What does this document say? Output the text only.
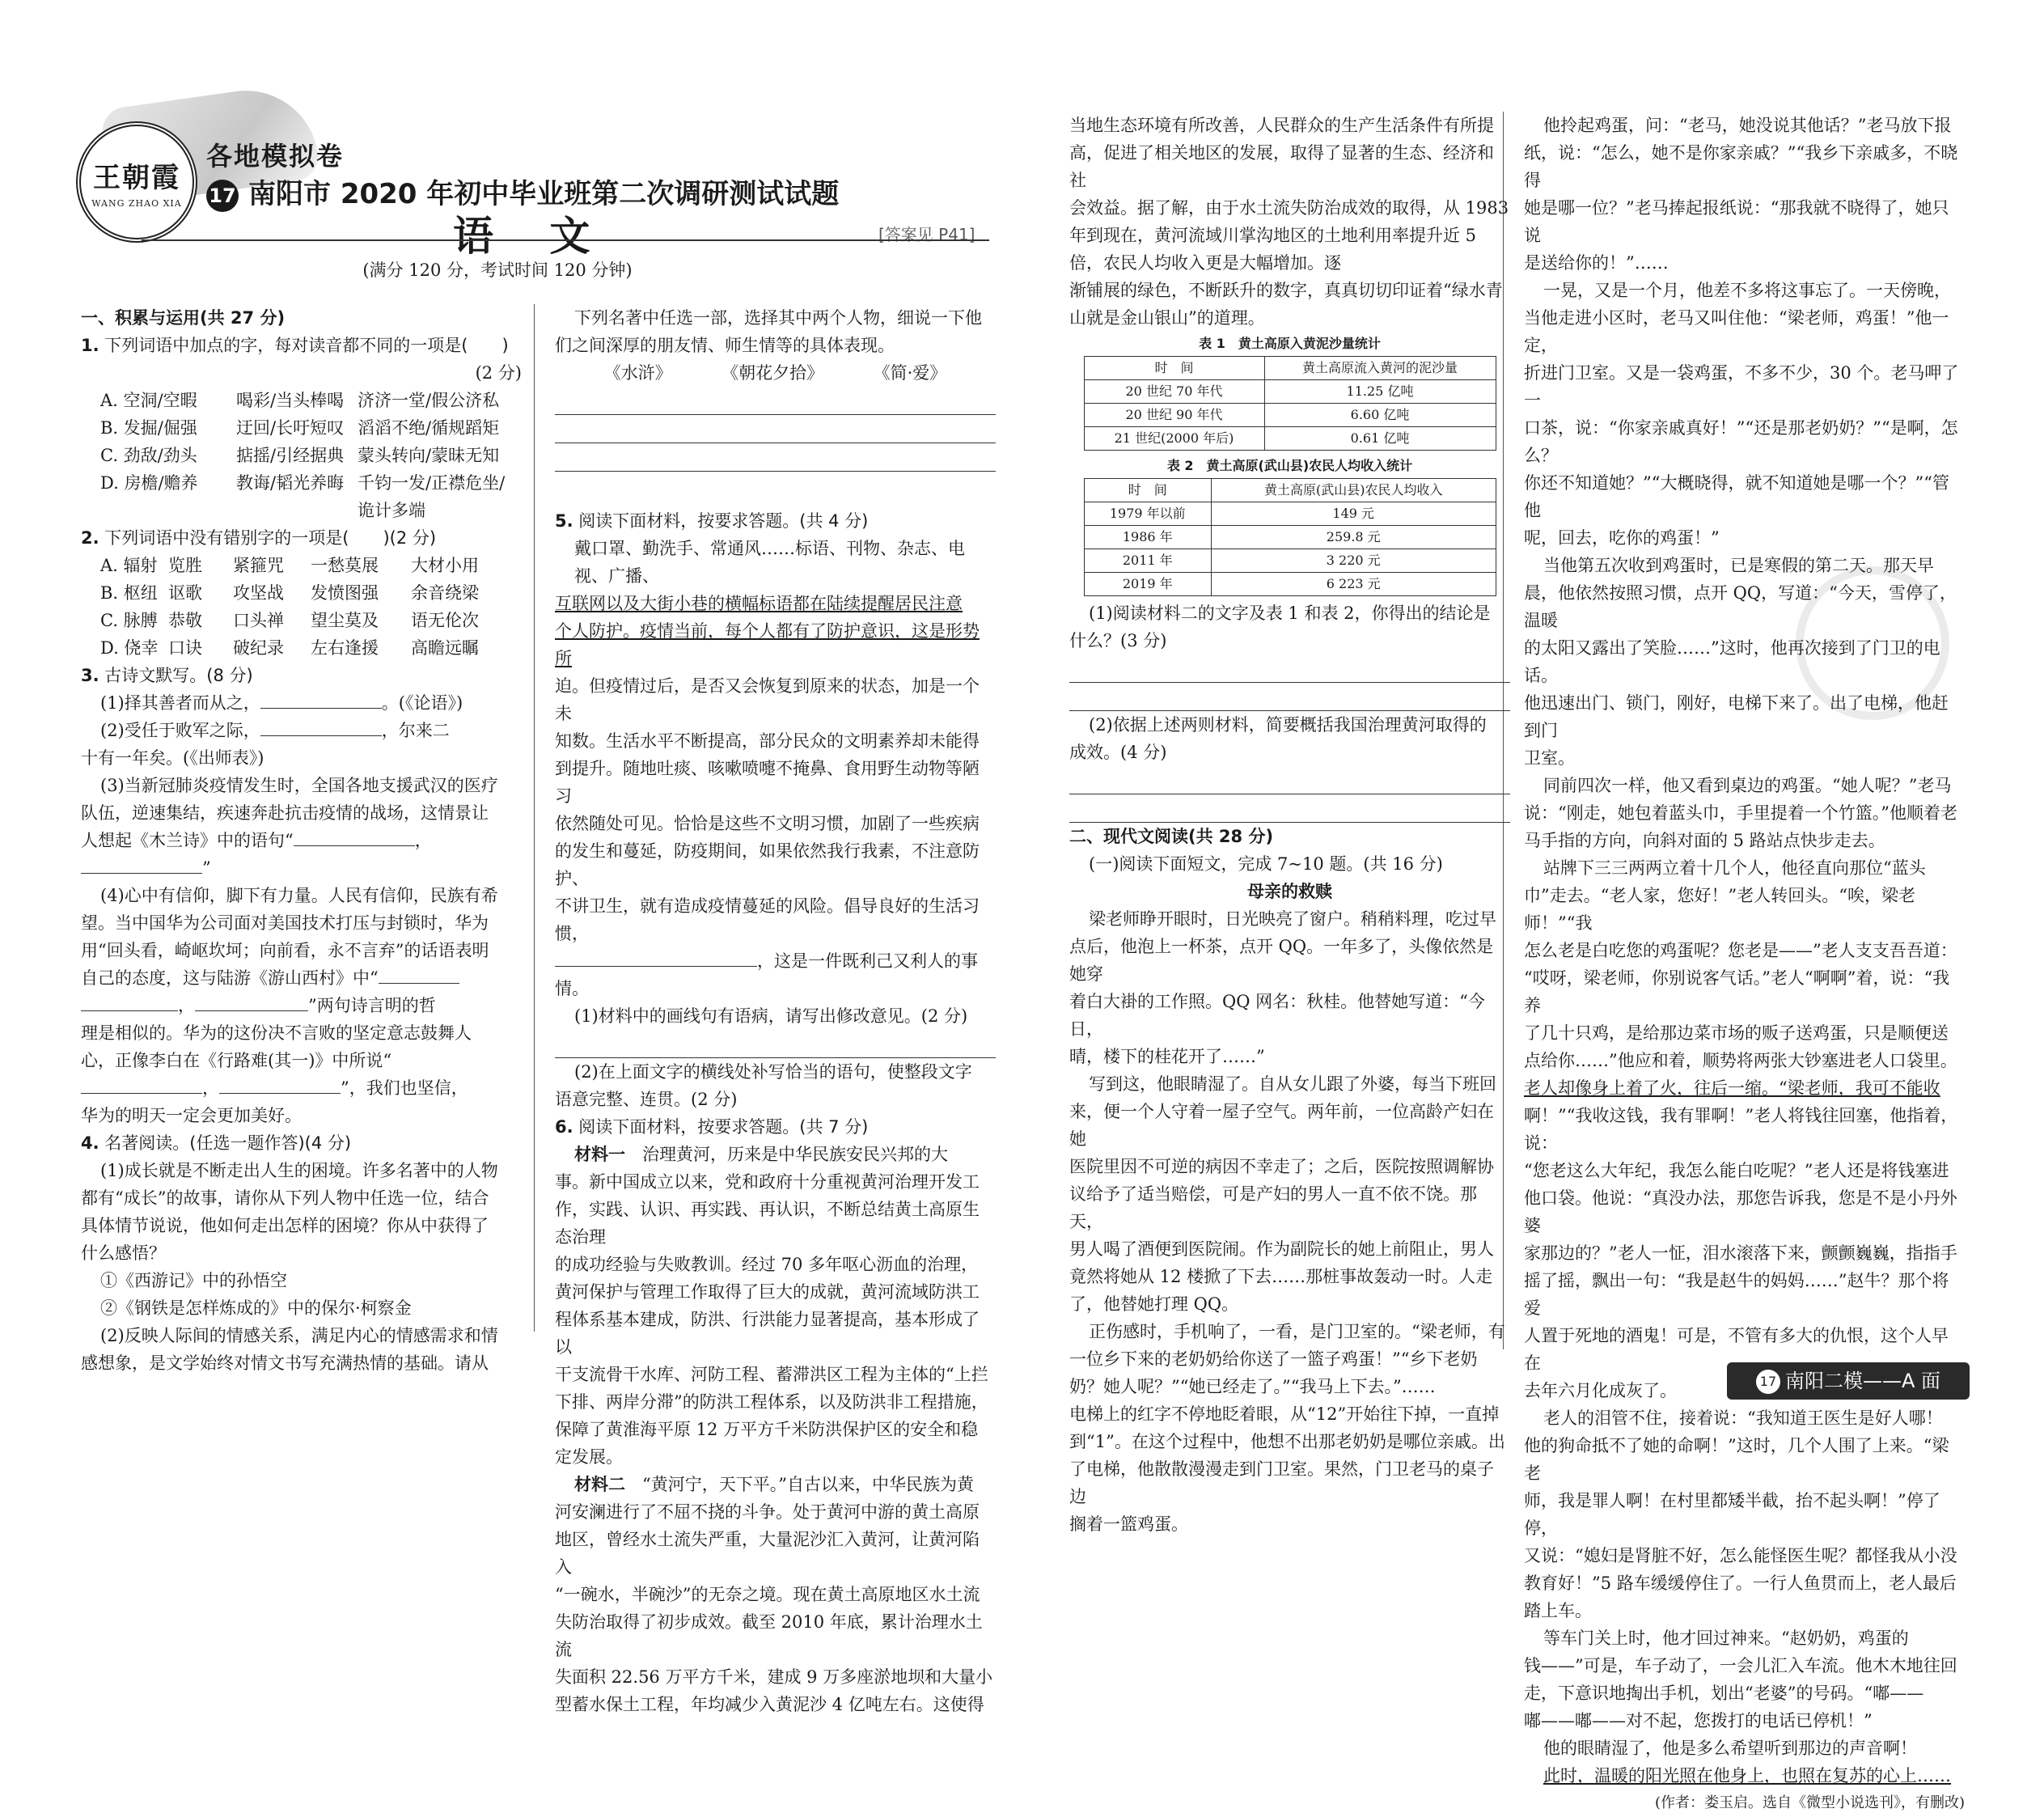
王朝霞
WANG ZHAO XIA
各地模拟卷
17 南阳市 2020 年初中毕业班第二次调研测试试题
语 文	[答案见 P41]
(满分 120 分，考试时间 120 分钟)
一、积累与运用(共 27 分)
1. 下列词语中加点的字，每对读音都不同的一项是(　　)
(2 分)
A. 空洞/空暇	喝彩/当头棒喝 济济一堂/假公济私
B. 发掘/倔强	迂回/长吁短叹 滔滔不绝/循规蹈矩
C. 劲敌/劲头	掂摇/引经据典 蒙头转向/蒙昧无知
D. 房檐/赡养	教诲/韬光养晦 千钧一发/正襟危坐/诡计多端
2. 下列词语中没有错别字的一项是(　　)(2 分)
A. 辐射 览胜	紧箍咒	一愁莫展	大材小用
B. 枢纽 讴歌	攻坚战	发愤图强	余音绕梁
C. 脉膊 恭敬	口头禅	望尘莫及	语无伦次
D. 侥幸 口诀	破纪录	左右逢援	高瞻远瞩
3. 古诗文默写。(8 分)
(1)择其善者而从之，	。(《论语》)
(2)受任于败军之际，	，尔来二
十有一年矣。(《出师表》)
(3)当新冠肺炎疫情发生时，全国各地支援武汉的医疗
队伍，逆速集结，疾速奔赴抗击疫情的战场，这情景让
人想起《木兰诗》中的语句“	，
”
(4)心中有信仰，脚下有力量。人民有信仰，民族有希
望。当中国华为公司面对美国技术打压与封锁时，华为
用“回头看，崎岖坎坷；向前看，永不言弃”的话语表明
自己的态度，这与陆游《游山西村》中“
，	”两句诗言明的哲
理是相似的。华为的这份决不言败的坚定意志鼓舞人
心，正像李白在《行路难(其一)》中所说“
，	”，我们也坚信，
华为的明天一定会更加美好。
4. 名著阅读。(任选一题作答)(4 分)
(1)成长就是不断走出人生的困境。许多名著中的人物
都有“成长”的故事，请你从下列人物中任选一位，结合
具体情节说说，他如何走出怎样的困境？你从中获得了
什么感悟？
①《西游记》中的孙悟空
②《钢铁是怎样炼成的》中的保尔·柯察金
(2)反映人际间的情感关系，满足内心的情感需求和情
感想象，是文学始终对情文书写充满热情的基础。请从
下列名著中任选一部，选择其中两个人物，细说一下他
们之间深厚的朋友情、师生情等的具体表现。
《水浒》	《朝花夕拾》	《简·爱》
5. 阅读下面材料，按要求答题。(共 4 分)
戴口罩、勤洗手、常通风……标语、刊物、杂志、电视、广播、
互联网以及大街小巷的横幅标语都在陆续提醒居民注意
个人防护。疫情当前，每个人都有了防护意识，这是形势所
迫。但疫情过后，是否又会恢复到原来的状态，加是一个未
知数。生活水平不断提高，部分民众的文明素养却未能得
到提升。随地吐痰、咳嗽喷嚏不掩鼻、食用野生动物等陋习
依然随处可见。恰恰是这些不文明习惯，加剧了一些疾病
的发生和蔓延，防疫期间，如果依然我行我素，不注意防护、
不讲卫生，就有造成疫情蔓延的风险。倡导良好的生活习惯，
，这是一件既利己又利人的事情。
(1)材料中的画线句有语病，请写出修改意见。(2 分)
(2)在上面文字的横线处补写恰当的语句，使整段文字
语意完整、连贯。(2 分)
6. 阅读下面材料，按要求答题。(共 7 分)
材料一　 治理黄河，历来是中华民族安民兴邦的大
事。新中国成立以来，党和政府十分重视黄河治理开发工
作，实践、认识、再实践、再认识，不断总结黄土高原生态治理
的成功经验与失败教训。经过 70 多年呕心沥血的治理，
黄河保护与管理工作取得了巨大的成就，黄河流域防洪工
程体系基本建成，防洪、行洪能力显著提高，基本形成了以
干支流骨干水库、河防工程、蓄滞洪区工程为主体的“上拦
下排、两岸分滞”的防洪工程体系，以及防洪非工程措施，
保障了黄淮海平原 12 万平方千米防洪保护区的安全和稳
定发展。
材料二　 “黄河宁，天下平。”自古以来，中华民族为黄
河安澜进行了不屈不挠的斗争。处于黄河中游的黄土高原
地区，曾经水土流失严重，大量泥沙汇入黄河，让黄河陷入
“一碗水，半碗沙”的无奈之境。现在黄土高原地区水土流
失防治取得了初步成效。截至 2010 年底，累计治理水土流
失面积 22.56 万平方千米，建成 9 万多座淤地坝和大量小
型蓄水保土工程，年均减少入黄泥沙 4 亿吨左右。这使得
当地生态环境有所改善，人民群众的生产生活条件有所提
高，促进了相关地区的发展，取得了显著的生态、经济和社
会效益。据了解，由于水土流失防治成效的取得，从 1983
年到现在，黄河流域川掌沟地区的土地利用率提升近 5
倍，农民人均收入更是大幅增加。逐
渐铺展的绿色，不断跃升的数字，真真切切印证着“绿水青
山就是金山银山”的道理。
表 1　黄土高原入黄泥沙量统计
时　间	黄土高原流入黄河的泥沙量
20 世纪 70 年代	11.25 亿吨
20 世纪 90 年代	6.60 亿吨
21 世纪(2000 年后)	0.61 亿吨
表 2　黄土高原(武山县)农民人均收入统计
时　间	黄土高原(武山县)农民人均收入
1979 年以前	149 元
1986 年	259.8 元
2011 年	3 220 元
2019 年	6 223 元
(1)阅读材料二的文字及表 1 和表 2，你得出的结论是
什么？(3 分)
(2)依据上述两则材料，简要概括我国治理黄河取得的
成效。(4 分)
二、现代文阅读(共 28 分)
(一)阅读下面短文，完成 7~10 题。(共 16 分)
母亲的救赎
梁老师睁开眼时，日光映亮了窗户。稍稍料理，吃过早
点后，他泡上一杯茶，点开 QQ。一年多了，头像依然是她穿
着白大褂的工作照。QQ 网名：秋桂。他替她写道：“今日，
晴，楼下的桂花开了……”
写到这，他眼睛湿了。自从女儿跟了外婆，每当下班回
来，便一个人守着一屋子空气。两年前，一位高龄产妇在她
医院里因不可逆的病因不幸走了；之后，医院按照调解协
议给予了适当赔偿，可是产妇的男人一直不依不饶。那天，
男人喝了酒便到医院闹。作为副院长的她上前阻止，男人
竟然将她从 12 楼掀了下去……那桩事故轰动一时。人走
了，他替她打理 QQ。
正伤感时，手机响了，一看，是门卫室的。“梁老师，有
一位乡下来的老奶奶给你送了一篮子鸡蛋！”“乡下老奶
奶？她人呢？”“她已经走了。”“我马上下去。”……
电梯上的红字不停地眨着眼，从“12”开始往下掉，一直掉
到“1”。在这个过程中，他想不出那老奶奶是哪位亲戚。出
了电梯，他散散漫漫走到门卫室。果然，门卫老马的桌子边
搁着一篮鸡蛋。
他拎起鸡蛋，问：“老马，她没说其他话？”老马放下报
纸，说：“怎么，她不是你家亲戚？”“我乡下亲戚多，不晓得
她是哪一位？”老马捧起报纸说：“那我就不晓得了，她只说
是送给你的！”……
一晃，又是一个月，他差不多将这事忘了。一天傍晚，
当他走进小区时，老马又叫住他：“梁老师，鸡蛋！”他一定，
折进门卫室。又是一袋鸡蛋，不多不少，30 个。老马呷了一
口茶，说：“你家亲戚真好！”“还是那老奶奶？”“是啊，怎么？
你还不知道她？”“大概晓得，就不知道她是哪一个？”“管他
呢，回去，吃你的鸡蛋！”
当他第五次收到鸡蛋时，已是寒假的第二天。那天早
晨，他依然按照习惯，点开 QQ，写道：“今天，雪停了，温暖
的太阳又露出了笑脸……”这时，他再次接到了门卫的电话。
他迅速出门、锁门，刚好，电梯下来了。出了电梯，他赶到门
卫室。
同前四次一样，他又看到桌边的鸡蛋。“她人呢？”老马
说：“刚走，她包着蓝头巾，手里提着一个竹篮。”他顺着老
马手指的方向，向斜对面的 5 路站点快步走去。
站牌下三三两两立着十几个人，他径直向那位“蓝头
巾”走去。“老人家，您好！”老人转回头。“唉，梁老师！”“我
怎么老是白吃您的鸡蛋呢？您老是——”老人支支吾吾道：
“哎呀，梁老师，你别说客气话。”老人“啊啊”着，说：“我养
了几十只鸡，是给那边菜市场的贩子送鸡蛋，只是顺便送
点给你……”他应和着，顺势将两张大钞塞进老人口袋里。
老人却像身上着了火，往后一缩。“梁老师，我可不能收
啊！”“我收这钱，我有罪啊！”老人将钱往回塞，他指着，说：
“您老这么大年纪，我怎么能白吃呢？”老人还是将钱塞进
他口袋。他说：“真没办法，那您告诉我，您是不是小丹外婆
家那边的？”老人一怔，泪水滚落下来，颤颤巍巍，指指手
摇了摇，飘出一句：“我是赵牛的妈妈……”赵牛？那个将爱
人置于死地的酒鬼！可是，不管有多大的仇恨，这个人早在
去年六月化成灰了。
老人的泪管不住，接着说：“我知道王医生是好人哪！
他的狗命抵不了她的命啊！”这时，几个人围了上来。“梁老
师，我是罪人啊！在村里都矮半截，抬不起头啊！”停了停，
又说：“媳妇是肾脏不好，怎么能怪医生呢？都怪我从小没
教育好！”5 路车缓缓停住了。一行人鱼贯而上，老人最后
踏上车。
等车门关上时，他才回过神来。“赵奶奶，鸡蛋的
钱——”可是，车子动了，一会儿汇入车流。他木木地往回
走，下意识地掏出手机，划出“老婆”的号码。“嘟——
嘟——嘟——对不起，您拨打的电话已停机！”
他的眼睛湿了，他是多么希望听到那边的声音啊！
此时，温暖的阳光照在他身上，也照在复苏的心上……
(作者：娄玉启。选自《微型小说选刊》，有删改)
17 南阳二模——A 面
